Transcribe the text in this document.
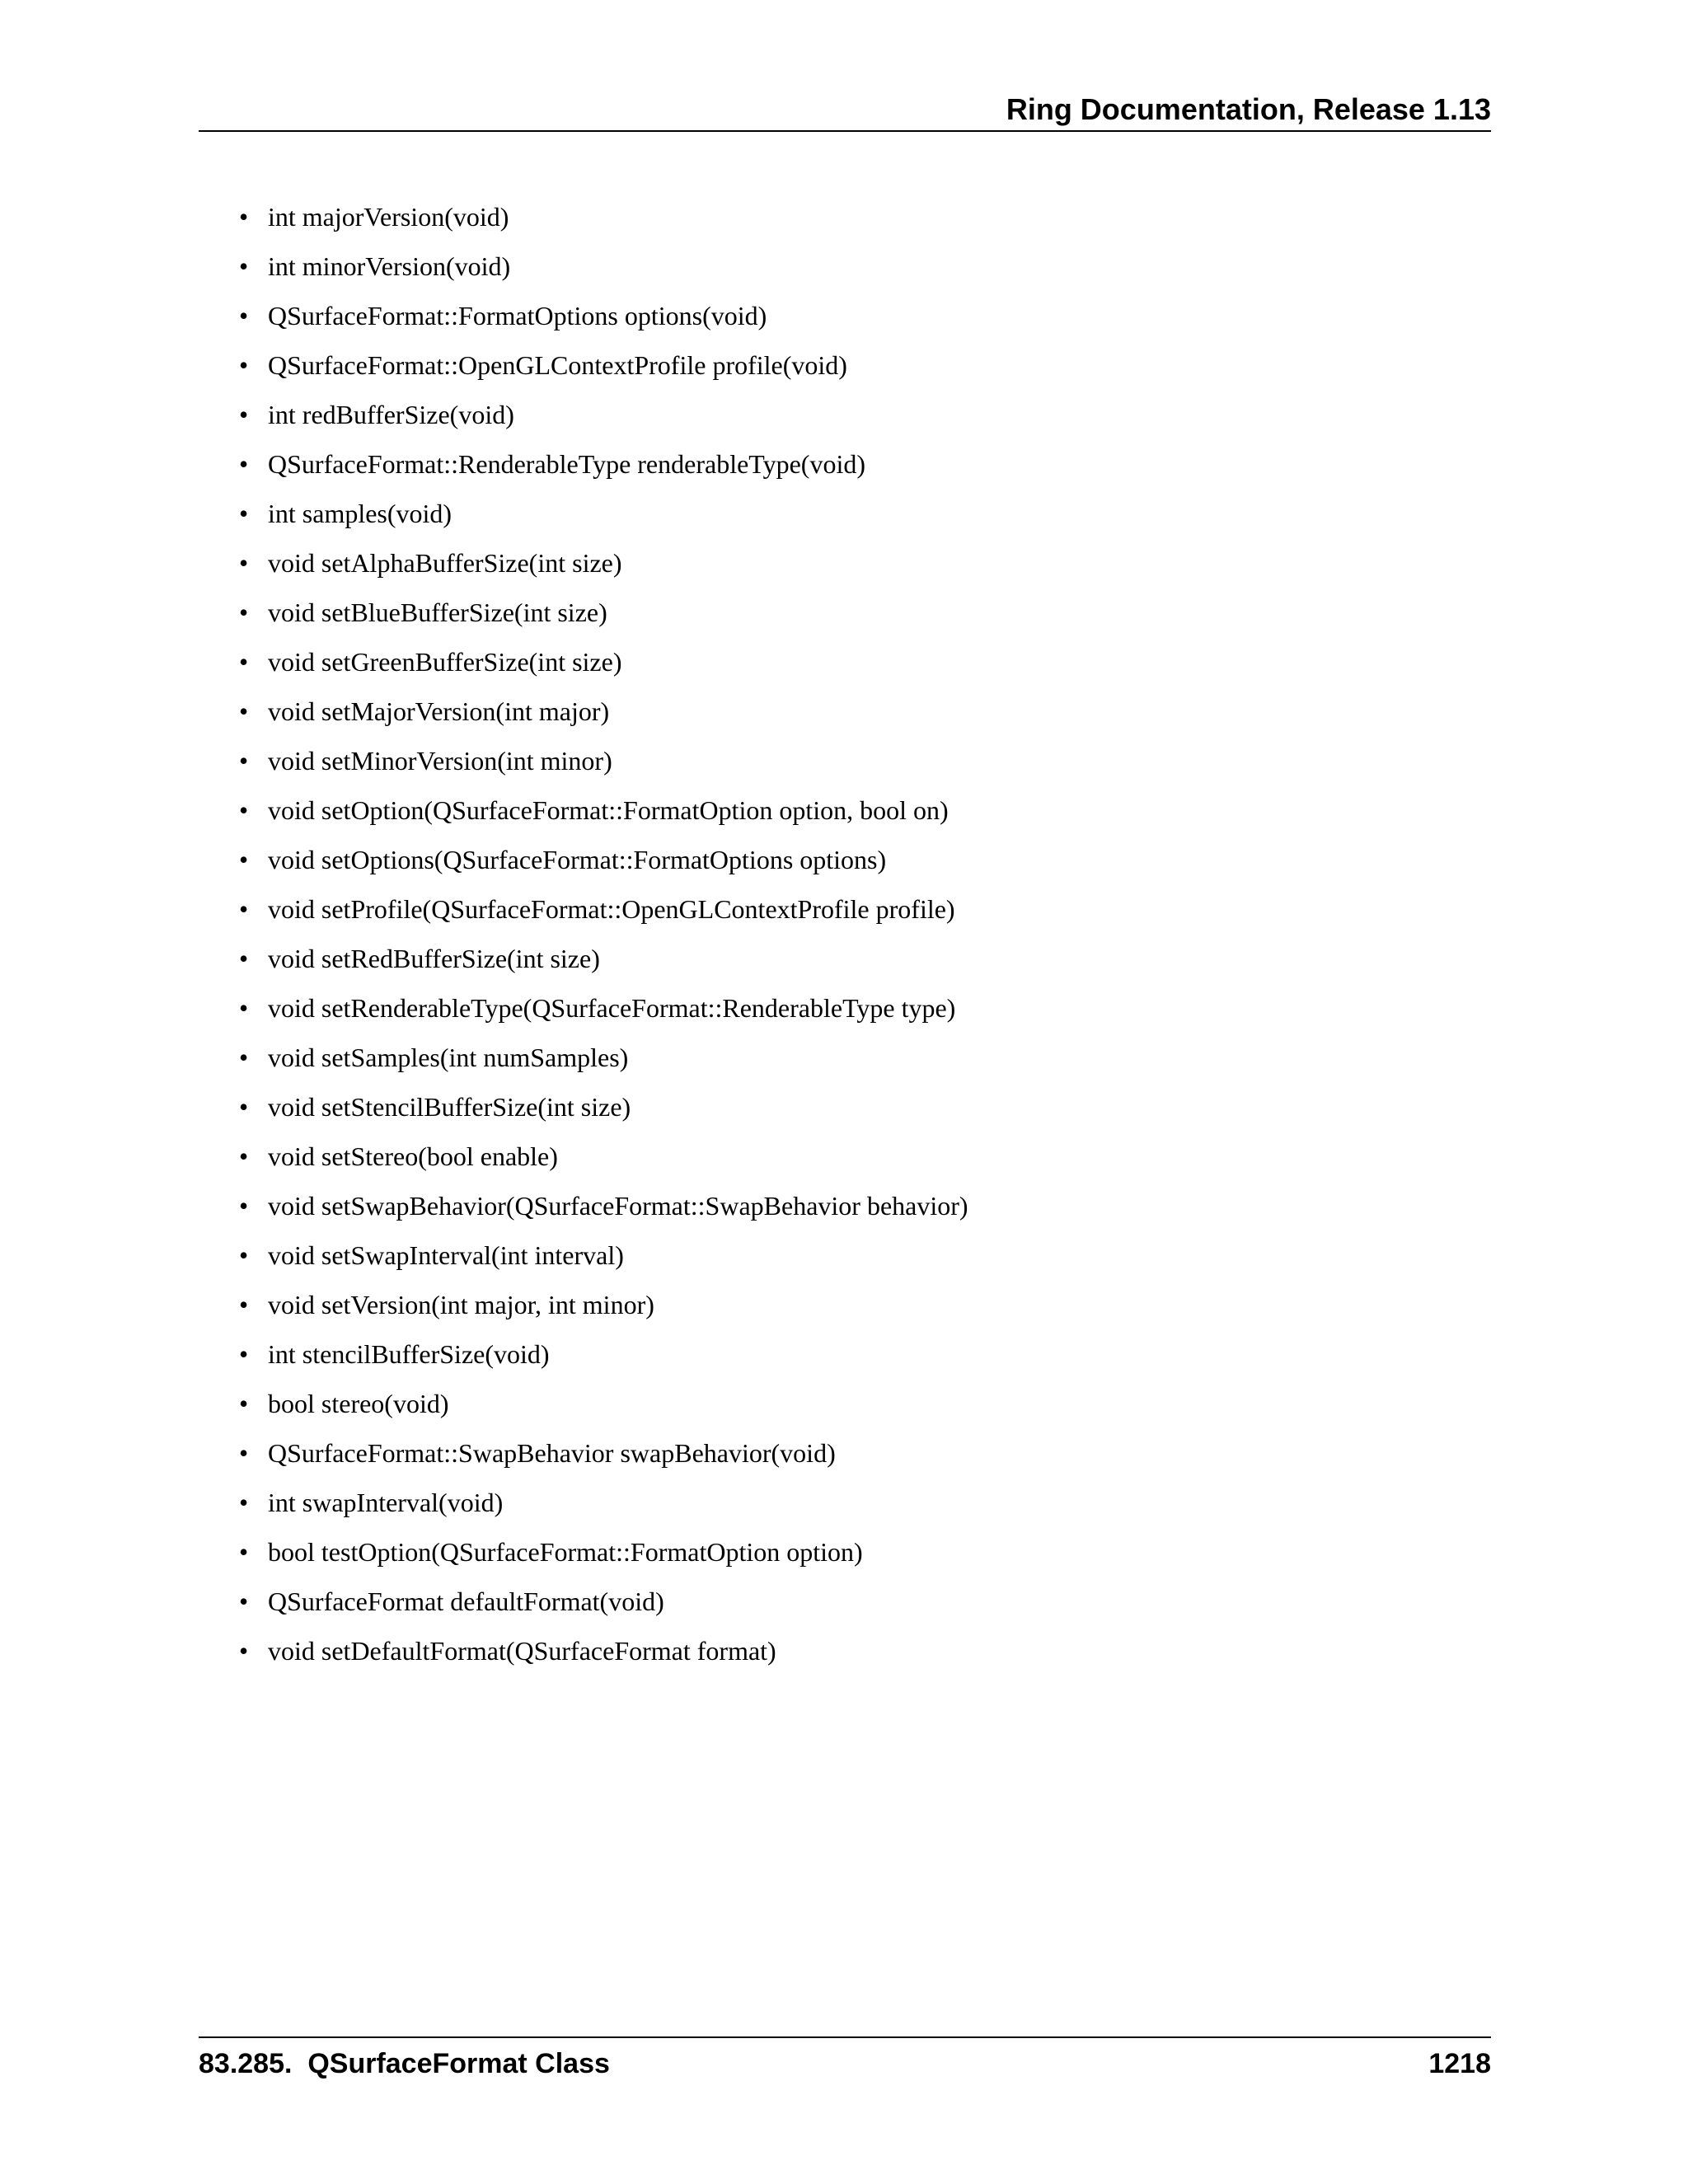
Ring Documentation, Release 1.13
• int majorVersion(void)
• int minorVersion(void)
• QSurfaceFormat::FormatOptions options(void)
• QSurfaceFormat::OpenGLContextProfile profile(void)
• int redBufferSize(void)
• QSurfaceFormat::RenderableType renderableType(void)
• int samples(void)
• void setAlphaBufferSize(int size)
• void setBlueBufferSize(int size)
• void setGreenBufferSize(int size)
• void setMajorVersion(int major)
• void setMinorVersion(int minor)
• void setOption(QSurfaceFormat::FormatOption option, bool on)
• void setOptions(QSurfaceFormat::FormatOptions options)
• void setProfile(QSurfaceFormat::OpenGLContextProfile profile)
• void setRedBufferSize(int size)
• void setRenderableType(QSurfaceFormat::RenderableType type)
• void setSamples(int numSamples)
• void setStencilBufferSize(int size)
• void setStereo(bool enable)
• void setSwapBehavior(QSurfaceFormat::SwapBehavior behavior)
• void setSwapInterval(int interval)
• void setVersion(int major, int minor)
• int stencilBufferSize(void)
• bool stereo(void)
• QSurfaceFormat::SwapBehavior swapBehavior(void)
• int swapInterval(void)
• bool testOption(QSurfaceFormat::FormatOption option)
• QSurfaceFormat defaultFormat(void)
• void setDefaultFormat(QSurfaceFormat format)
83.285.  QSurfaceFormat Class	1218
